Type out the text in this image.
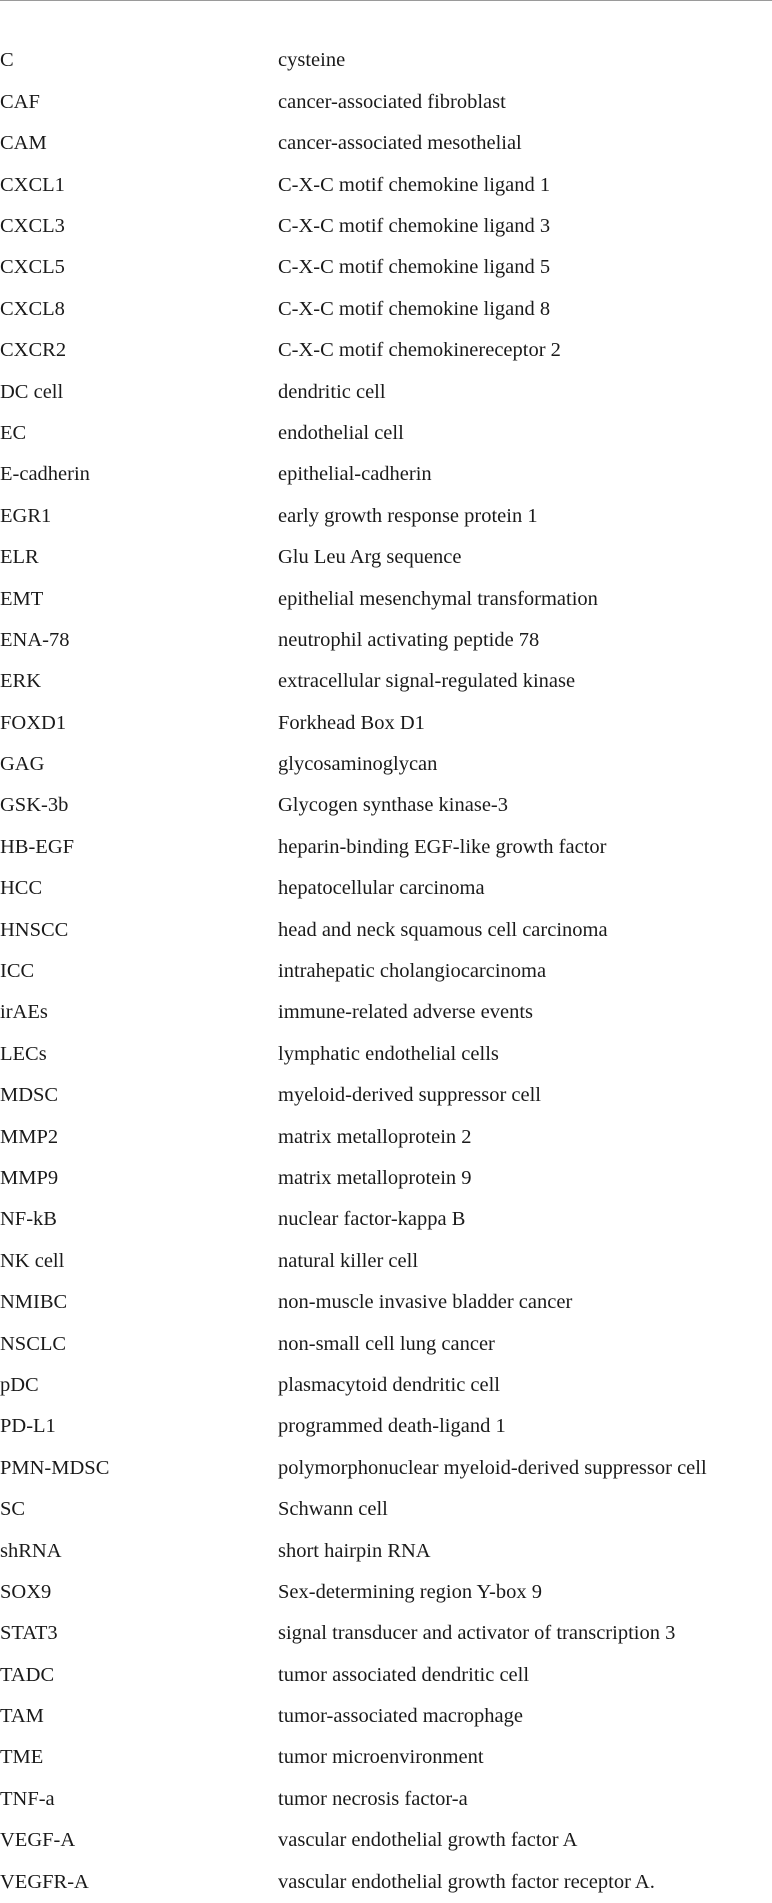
C	cysteine
CAF	cancer-associated fibroblast
CAM	cancer-associated mesothelial
CXCL1	C-X-C motif chemokine ligand 1
CXCL3	C-X-C motif chemokine ligand 3
CXCL5	C-X-C motif chemokine ligand 5
CXCL8	C-X-C motif chemokine ligand 8
CXCR2	C-X-C motif chemokinereceptor 2
DC cell	dendritic cell
EC	endothelial cell
E-cadherin	epithelial-cadherin
EGR1	early growth response protein 1
ELR	Glu Leu Arg sequence
EMT	epithelial mesenchymal transformation
ENA-78	neutrophil activating peptide 78
ERK	extracellular signal-regulated kinase
FOXD1	Forkhead Box D1
GAG	glycosaminoglycan
GSK-3b	Glycogen synthase kinase-3
HB-EGF	heparin-binding EGF-like growth factor
HCC	hepatocellular carcinoma
HNSCC	head and neck squamous cell carcinoma
ICC	intrahepatic cholangiocarcinoma
irAEs	immune-related adverse events
LECs	lymphatic endothelial cells
MDSC	myeloid-derived suppressor cell
MMP2	matrix metalloprotein 2
MMP9	matrix metalloprotein 9
NF-kB	nuclear factor-kappa B
NK cell	natural killer cell
NMIBC	non-muscle invasive bladder cancer
NSCLC	non-small cell lung cancer
pDC	plasmacytoid dendritic cell
PD-L1	programmed death-ligand 1
PMN-MDSC	polymorphonuclear myeloid-derived suppressor cell
SC	Schwann cell
shRNA	short hairpin RNA
SOX9	Sex-determining region Y-box 9
STAT3	signal transducer and activator of transcription 3
TADC	tumor associated dendritic cell
TAM	tumor-associated macrophage
TME	tumor microenvironment
TNF-a	tumor necrosis factor-a
VEGF-A	vascular endothelial growth factor A
VEGFR-A	vascular endothelial growth factor receptor A.
